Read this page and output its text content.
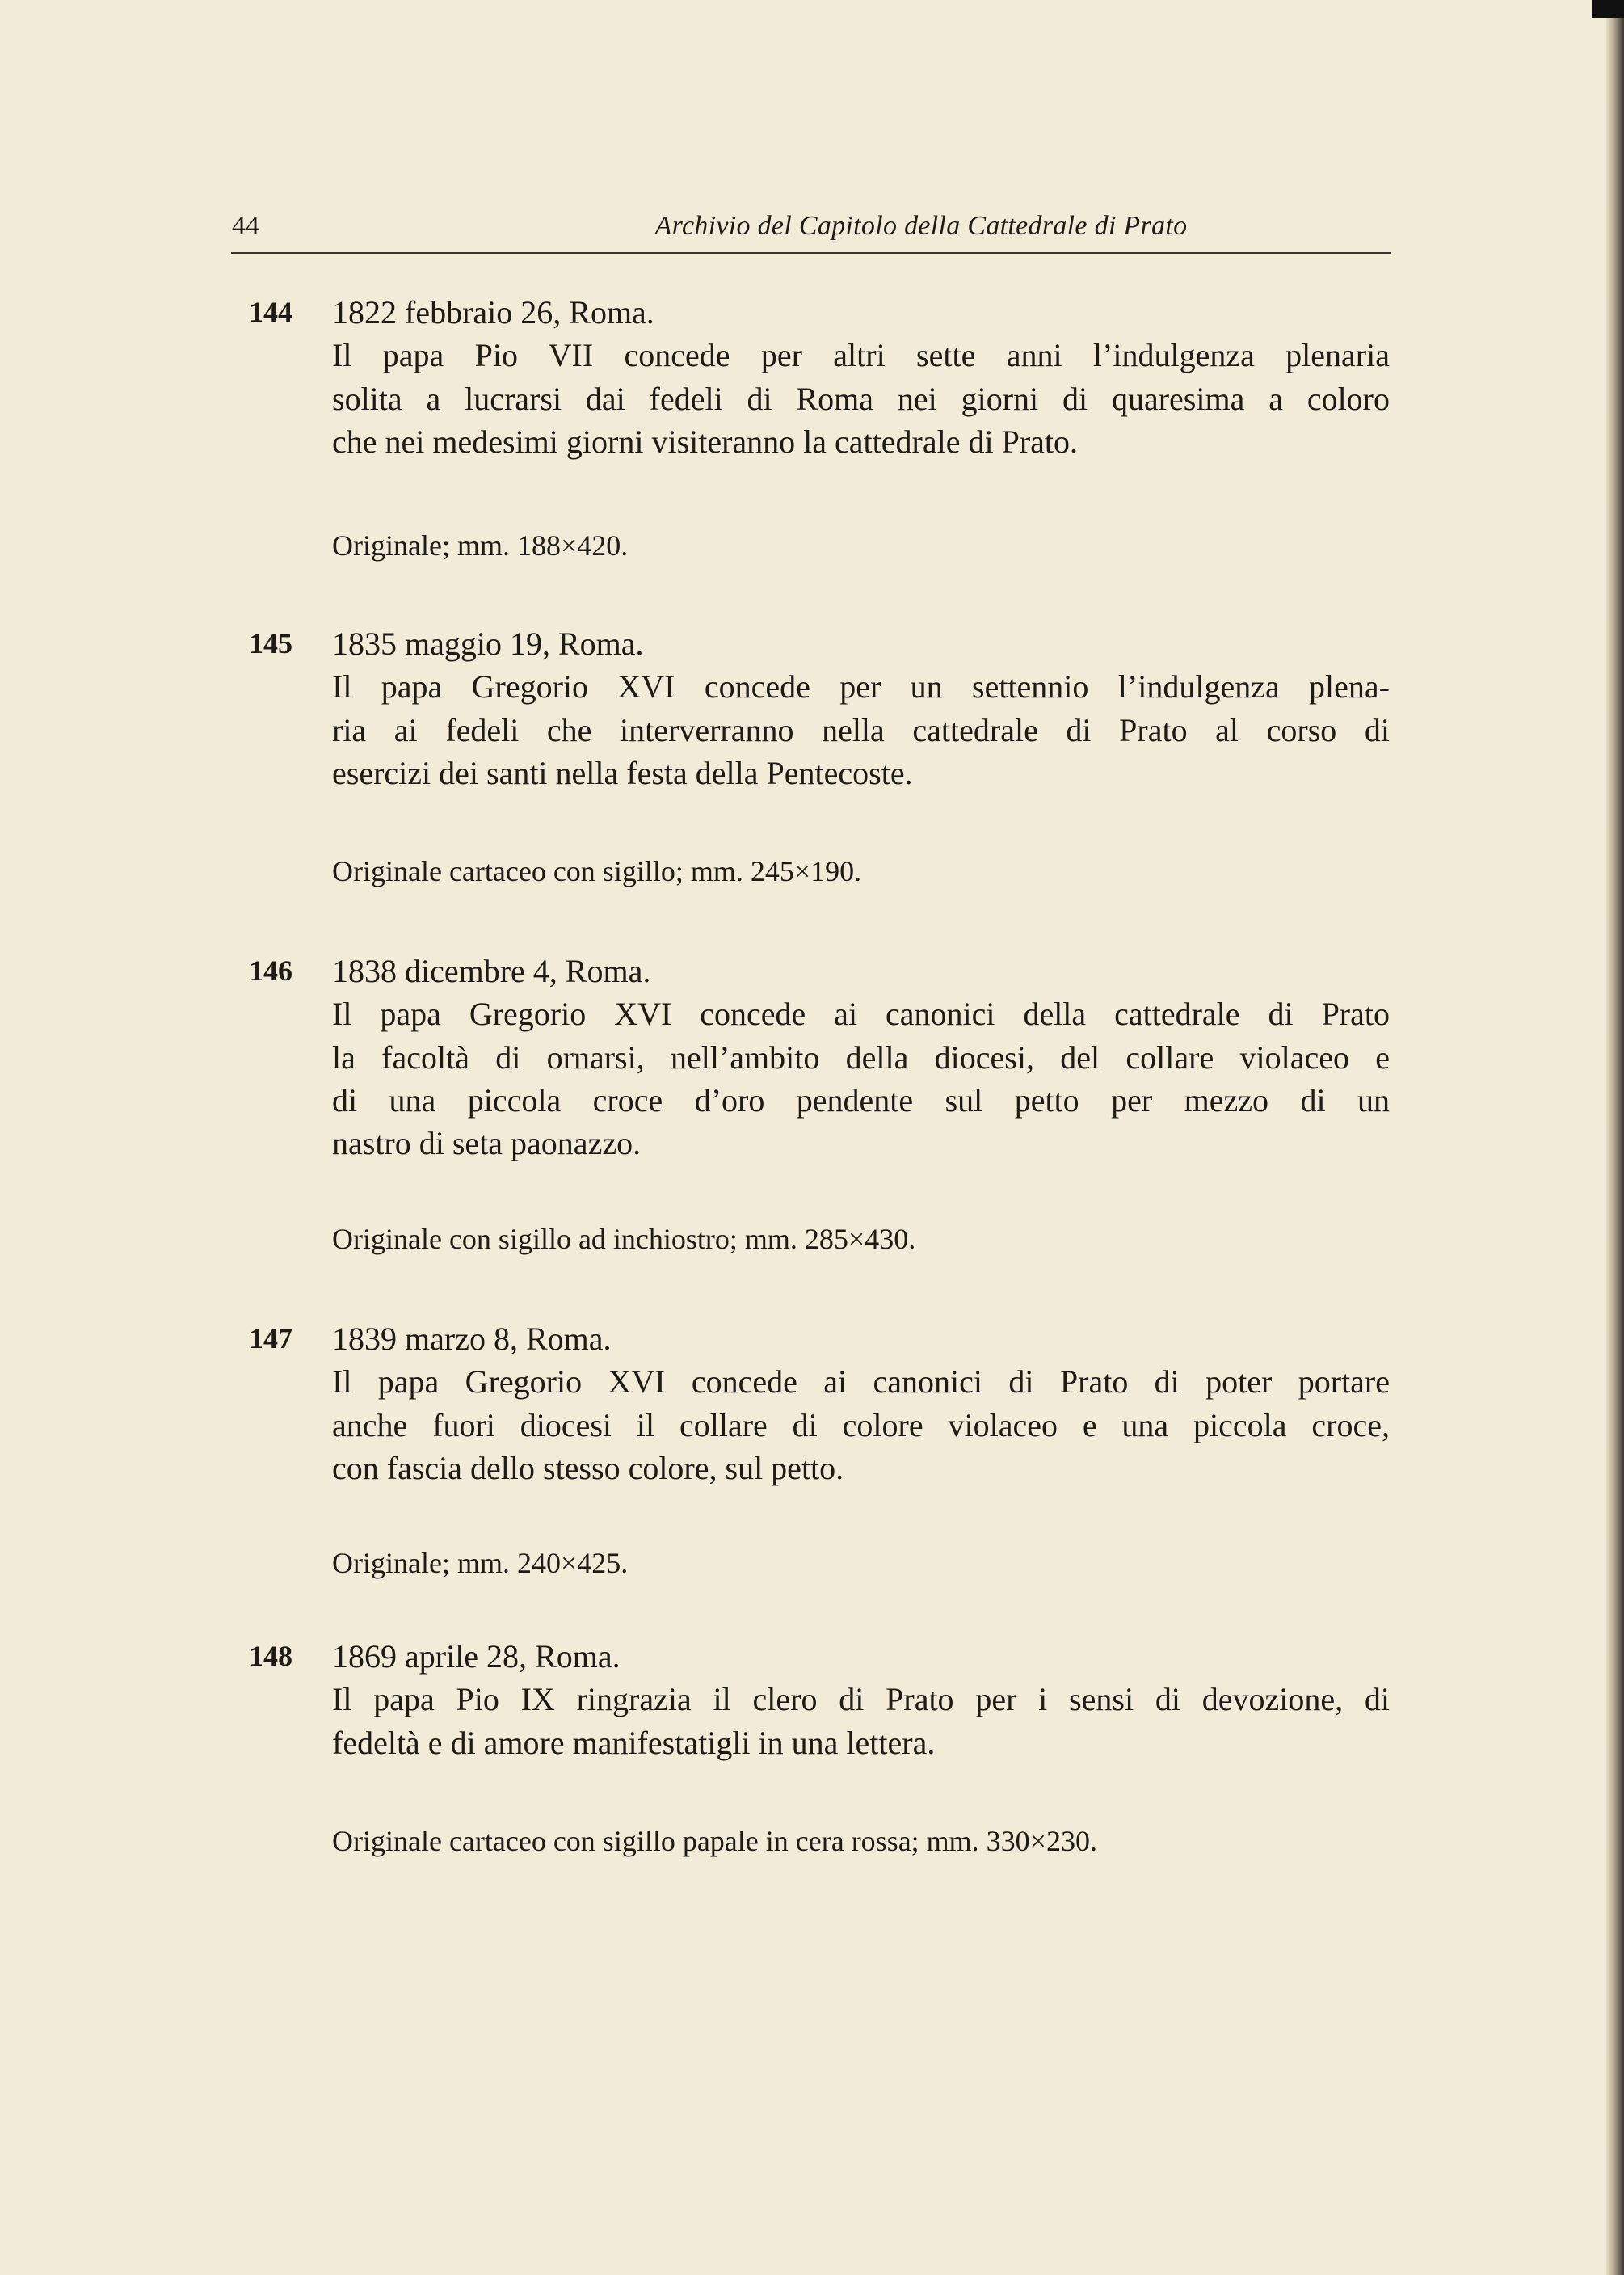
44	Archivio del Capitolo della Cattedrale di Prato
144 1822 febbraio 26, Roma.
Il papa Pio VII concede per altri sette anni l’indulgenza plenaria
solita a lucrarsi dai fedeli di Roma nei giorni di quaresima a coloro
che nei medesimi giorni visiteranno la cattedrale di Prato.
Originale; mm. 188×420.
145 1835 maggio 19, Roma.
Il papa Gregorio XVI concede per un settennio l’indulgenza plena-
ria ai fedeli che interverranno nella cattedrale di Prato al corso di
esercizi dei santi nella festa della Pentecoste.
Originale cartaceo con sigillo; mm. 245×190.
146 1838 dicembre 4, Roma.
Il papa Gregorio XVI concede ai canonici della cattedrale di Prato
la facoltà di ornarsi, nell’ambito della diocesi, del collare violaceo e
di una piccola croce d’oro pendente sul petto per mezzo di un
nastro di seta paonazzo.
Originale con sigillo ad inchiostro; mm. 285×430.
147 1839 marzo 8, Roma.
Il papa Gregorio XVI concede ai canonici di Prato di poter portare
anche fuori diocesi il collare di colore violaceo e una piccola croce,
con fascia dello stesso colore, sul petto.
Originale; mm. 240×425.
148 1869 aprile 28, Roma.
Il papa Pio IX ringrazia il clero di Prato per i sensi di devozione, di
fedeltà e di amore manifestatigli in una lettera.
Originale cartaceo con sigillo papale in cera rossa; mm. 330×230.
